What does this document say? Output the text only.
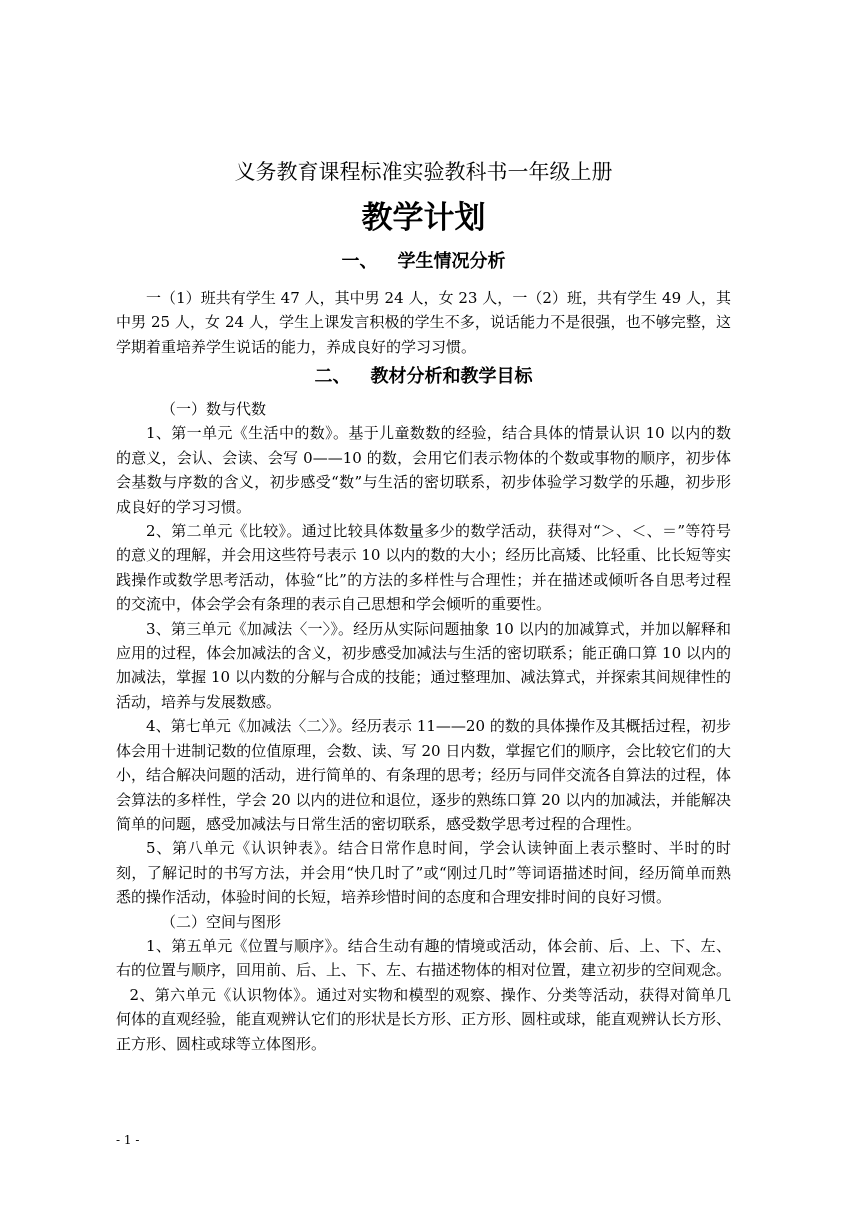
义务教育课程标准实验教科书一年级上册
教学计划
一、 学生情况分析

一（1）班共有学生 47 人，其中男 24 人，女 23 人，一（2）班，共有学生 49 人，其中男 25 人，女 24 人，学生上课发言积极的学生不多，说话能力不是很强，也不够完整，这学期着重培养学生说话的能力，养成良好的学习习惯。

二、 教材分析和教学目标

（一）数与代数

1、第一单元《生活中的数》。基于儿童数数的经验，结合具体的情景认识 10 以内的数的意义，会认、会读、会写 0——10 的数，会用它们表示物体的个数或事物的顺序，初步体会基数与序数的含义，初步感受“数”与生活的密切联系，初步体验学习数学的乐趣，初步形成良好的学习习惯。

2、第二单元《比较》。通过比较具体数量多少的数学活动，获得对“＞、＜、＝”等符号的意义的理解，并会用这些符号表示 10 以内的数的大小；经历比高矮、比轻重、比长短等实践操作或数学思考活动，体验“比”的方法的多样性与合理性；并在描述或倾听各自思考过程的交流中，体会学会有条理的表示自己思想和学会倾听的重要性。

3、第三单元《加减法〈一〉》。经历从实际问题抽象 10 以内的加减算式，并加以解释和应用的过程，体会加减法的含义，初步感受加减法与生活的密切联系；能正确口算 10 以内的加减法，掌握 10 以内数的分解与合成的技能；通过整理加、减法算式，并探索其间规律性的活动，培养与发展数感。

4、第七单元《加减法〈二〉》。经历表示 11——20 的数的具体操作及其概括过程，初步体会用十进制记数的位值原理，会数、读、写 20 日内数，掌握它们的顺序，会比较它们的大小，结合解决问题的活动，进行简单的、有条理的思考；经历与同伴交流各自算法的过程，体会算法的多样性，学会 20 以内的进位和退位，逐步的熟练口算 20 以内的加减法，并能解决简单的问题，感受加减法与日常生活的密切联系，感受数学思考过程的合理性。

5、第八单元《认识钟表》。结合日常作息时间，学会认读钟面上表示整时、半时的时刻，了解记时的书写方法，并会用“快几时了”或“刚过几时”等词语描述时间，经历简单而熟悉的操作活动，体验时间的长短，培养珍惜时间的态度和合理安排时间的良好习惯。

（二）空间与图形

1、第五单元《位置与顺序》。结合生动有趣的情境或活动，体会前、后、上、下、左、右的位置与顺序，回用前、后、上、下、左、右描述物体的相对位置，建立初步的空间观念。

2、第六单元《认识物体》。通过对实物和模型的观察、操作、分类等活动，获得对简单几何体的直观经验，能直观辨认它们的形状是长方形、正方形、圆柱或球，能直观辨认长方形、正方形、圆柱或球等立体图形。

- 1 -
